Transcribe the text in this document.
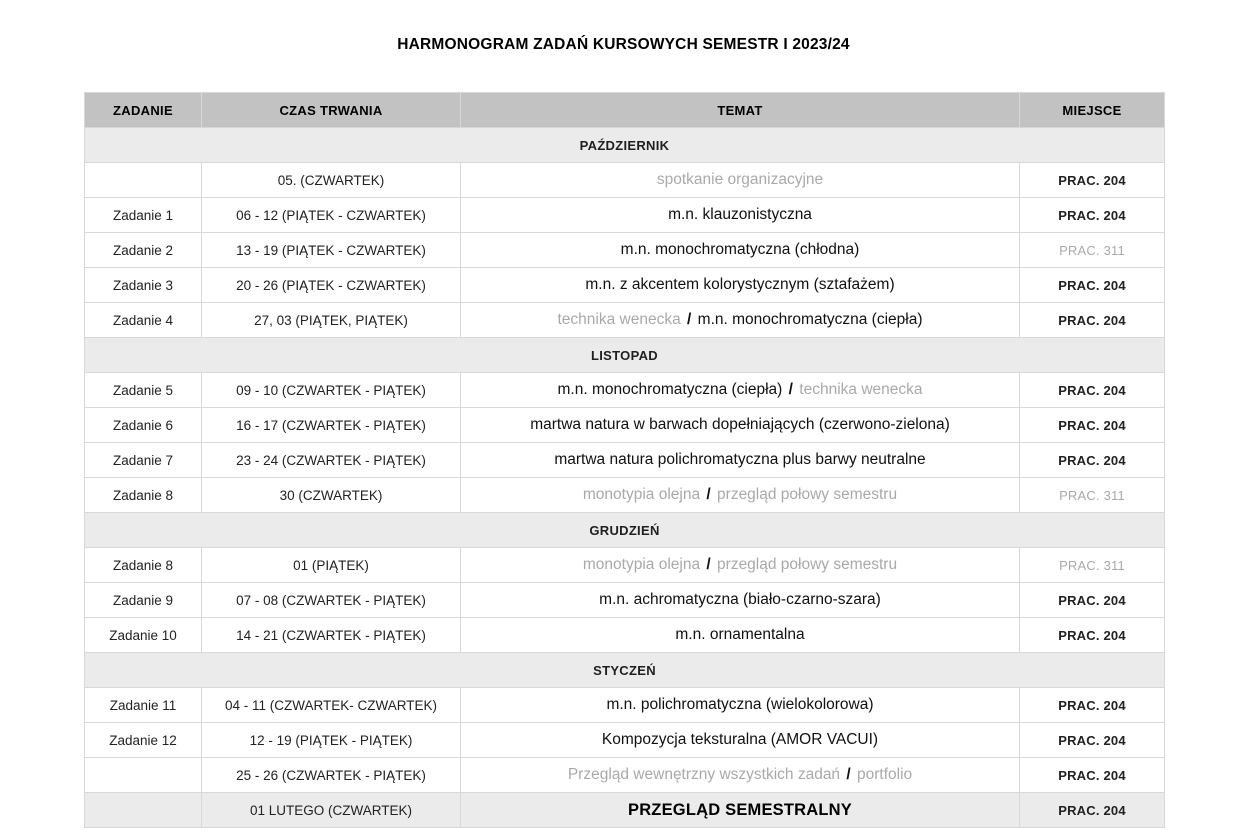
HARMONOGRAM ZADAŃ KURSOWYCH SEMESTR I 2023/24
ZADANIE	CZAS TRWANIA	TEMAT	MIEJSCE
PAŹDZIERNIK			
	05. (CZWARTEK)	spotkanie organizacyjne	PRAC. 204
Zadanie 1	06 - 12 (PIĄTEK - CZWARTEK)	m.n. klauzonistyczna	PRAC. 204
Zadanie 2	13 - 19 (PIĄTEK - CZWARTEK)	m.n. monochromatyczna (chłodna)	PRAC. 311
Zadanie 3	20 - 26 (PIĄTEK - CZWARTEK)	m.n. z akcentem kolorystycznym (sztafażem)	PRAC. 204
Zadanie 4	27, 03 (PIĄTEK, PIĄTEK)	technika wenecka / m.n. monochromatyczna (ciepła)	PRAC. 204
LISTOPAD			
Zadanie 5	09 - 10 (CZWARTEK - PIĄTEK)	m.n. monochromatyczna (ciepła) / technika wenecka	PRAC. 204
Zadanie 6	16 - 17 (CZWARTEK - PIĄTEK)	martwa natura w barwach dopełniających (czerwono-zielona)	PRAC. 204
Zadanie 7	23 - 24 (CZWARTEK - PIĄTEK)	martwa natura polichromatyczna plus barwy neutralne	PRAC. 204
Zadanie 8	30 (CZWARTEK)	monotypia olejna / przegląd połowy semestru	PRAC. 311
GRUDZIEŃ			
Zadanie 8	01 (PIĄTEK)	monotypia olejna / przegląd połowy semestru	PRAC. 311
Zadanie 9	07 - 08 (CZWARTEK - PIĄTEK)	m.n. achromatyczna (biało-czarno-szara)	PRAC. 204
Zadanie 10	14 - 21 (CZWARTEK - PIĄTEK)	m.n. ornamentalna	PRAC. 204
STYCZEŃ			
Zadanie 11	04 - 11 (CZWARTEK- CZWARTEK)	m.n. polichromatyczna (wielokolorowa)	PRAC. 204
Zadanie 12	12 - 19 (PIĄTEK - PIĄTEK)	Kompozycja teksturalna (AMOR VACUI)	PRAC. 204
	25 - 26 (CZWARTEK - PIĄTEK)	Przegląd wewnętrzny wszystkich zadań / portfolio	PRAC. 204
	01 LUTEGO (CZWARTEK)	PRZEGLĄD SEMESTRALNY	PRAC. 204
